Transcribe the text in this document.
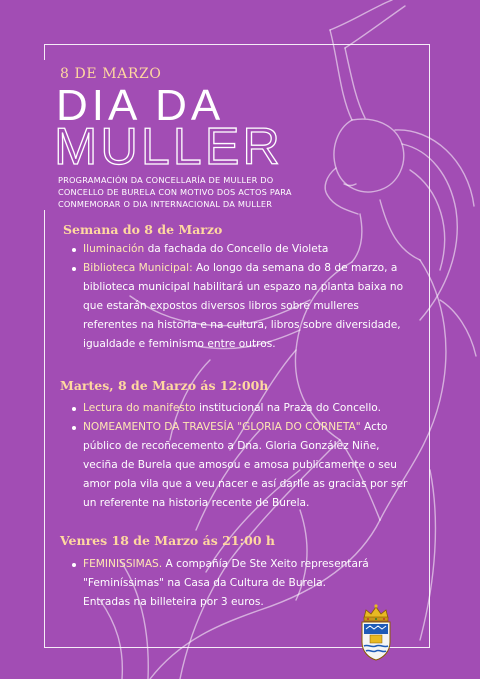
8 DE MARZO
DIA DA
MULLER
PROGRAMACIÓN DA CONCELLARÍA DE MULLER DO
CONCELLO DE BURELA CON MOTIVO DOS ACTOS PARA
CONMEMORAR O DIA INTERNACIONAL DA MULLER
Semana do 8 de Marzo
Iluminación da fachada do Concello de Violeta
Biblioteca Municipal: Ao longo da semana do 8 de marzo, a biblioteca municipal habilitará un espazo na planta baixa no que estarán expostos diversos libros sobre mulleres referentes na historia e na cultura, libros sobre diversidade, igualdade e feminismo entre outros.
Martes, 8 de Marzo ás 12:00h
Lectura do manifesto institucional na Praza do Concello.
NOMEAMENTO DA TRAVESÍA "GLORIA DO CORNETA" Acto público de recoñecemento a Dna. Gloria González Niñe, veciña de Burela que amosou e amosa publicamente o seu amor pola vila que a veu nacer e así darlle as gracias por ser un referente na historia recente de Burela.
Venres 18 de Marzo ás 21:00 h
FEMINISSIMAS. A compañía De Ste Xeito representará "Feminíssimas" na Casa da Cultura de Burela.
Entradas na billeteira por 3 euros.
